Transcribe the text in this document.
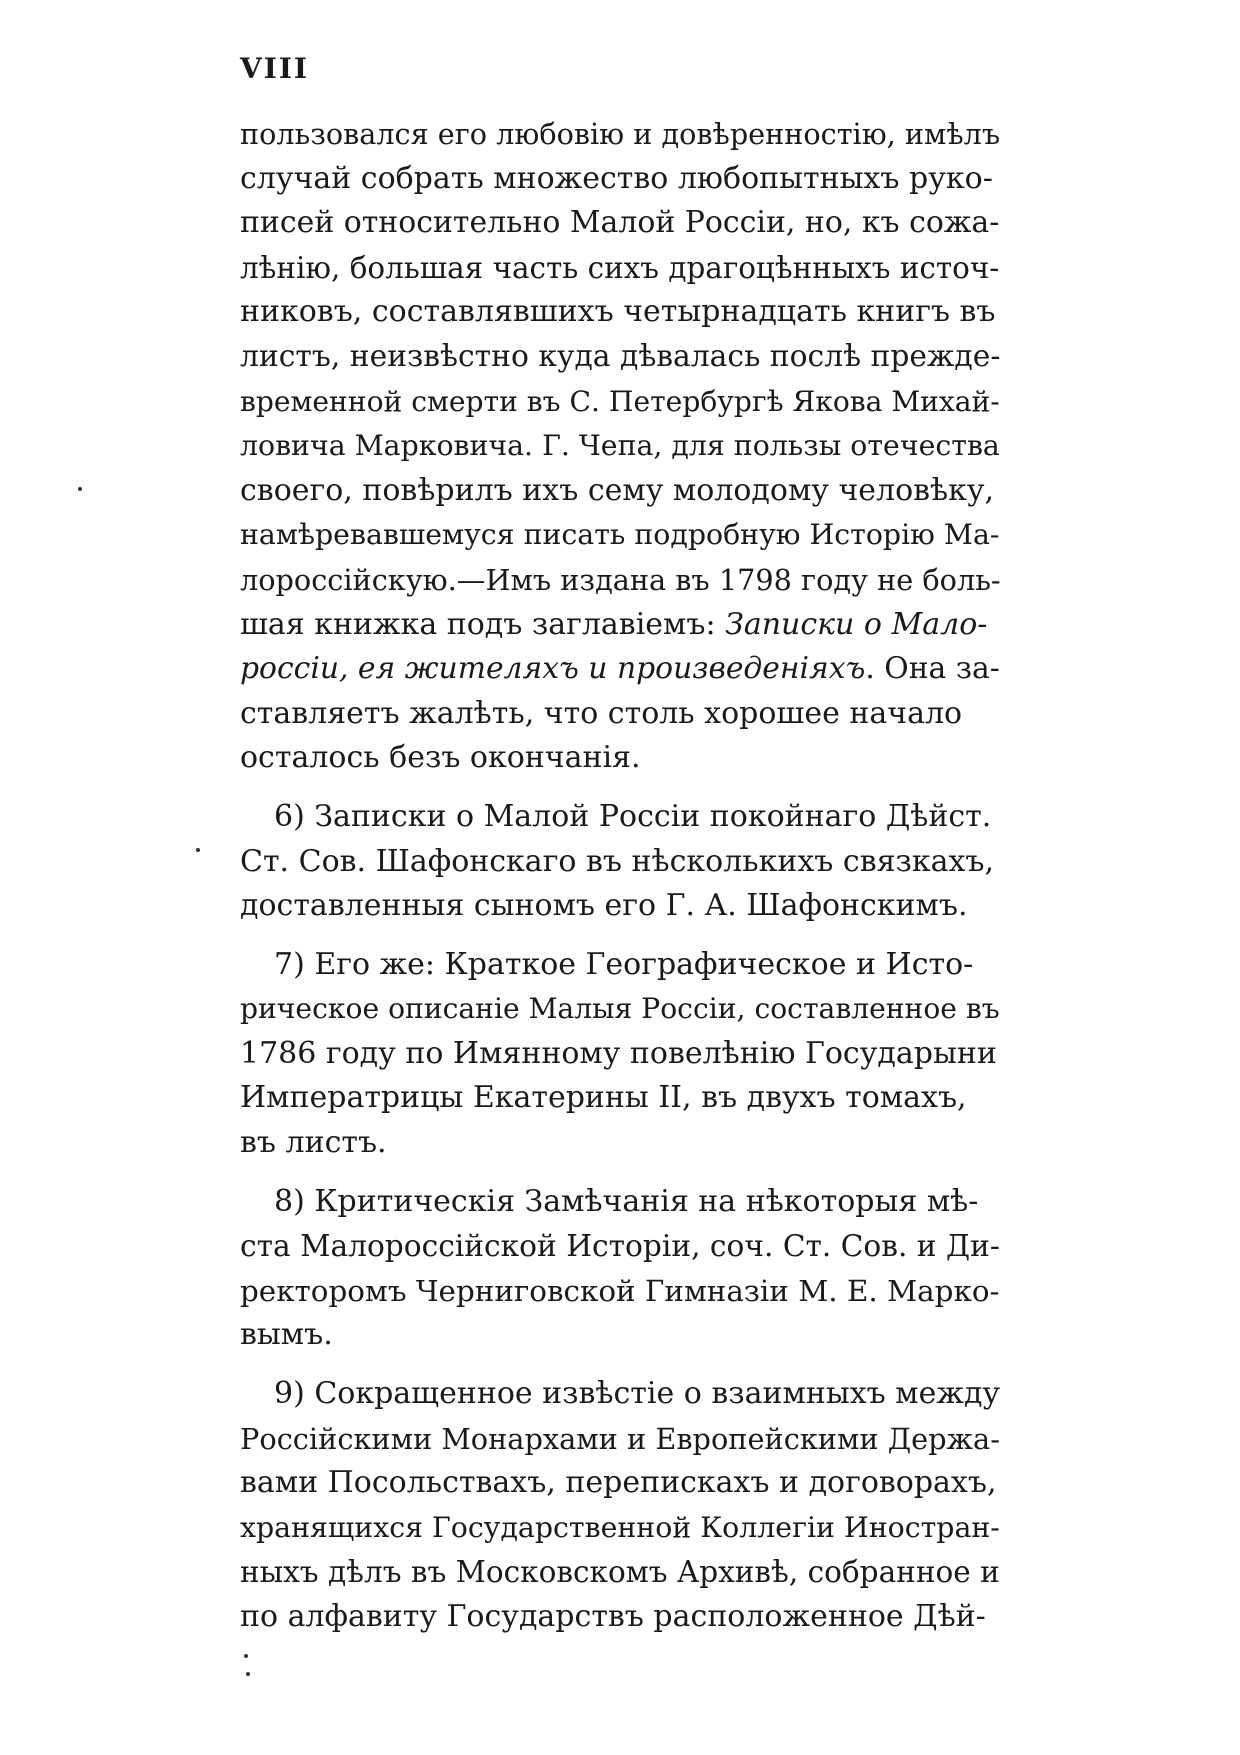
VIII
пользовался его любовію и довѣренностію, имѣлъ
случай собрать множество любопытныхъ руко-
писей относительно Малой Россіи, но, къ сожа-
лѣнію, большая часть сихъ драгоцѣнныхъ источ-
никовъ, составлявшихъ четырнадцать книгъ въ
листъ, неизвѣстно куда дѣвалась послѣ прежде-
временной смерти въ С. Петербургѣ Якова Михай-
ловича Марковича. Г. Чепа, для пользы отечества
своего, повѣрилъ ихъ сему молодому человѣку,
намѣревавшемуся писать подробную Исторію Ма-
лороссійскую.—Имъ издана въ 1798 году не боль-
шая книжка подъ заглавіемъ: Записки о Мало-
россіи, ея жителяхъ и произведеніяхъ. Она за-
ставляетъ жалѣть, что столь хорошее начало
осталось безъ окончанія.
6) Записки о Малой Россіи покойнаго Дѣйст.
Ст. Сов. Шафонскаго въ нѣсколькихъ связкахъ,
доставленныя сыномъ его Г. А. Шафонскимъ.
7) Его же: Краткое Географическое и Исто-
рическое описаніе Малыя Россіи, составленное въ
1786 году по Имянному повелѣнію Государыни
Императрицы Екатерины II, въ двухъ томахъ,
въ листъ.
8) Критическія Замѣчанія на нѣкоторыя мѣ-
ста Малороссійской Исторіи, соч. Ст. Сов. и Ди-
ректоромъ Черниговской Гимназіи М. Е. Марко-
вымъ.
9) Сокращенное извѣстіе о взаимныхъ между
Россійскими Монархами и Европейскими Держа-
вами Посольствахъ, перепискахъ и договорахъ,
хранящихся Государственной Коллегіи Иностран-
ныхъ дѣлъ въ Московскомъ Архивѣ, собранное и
по алфавиту Государствъ расположенное Дѣй-
